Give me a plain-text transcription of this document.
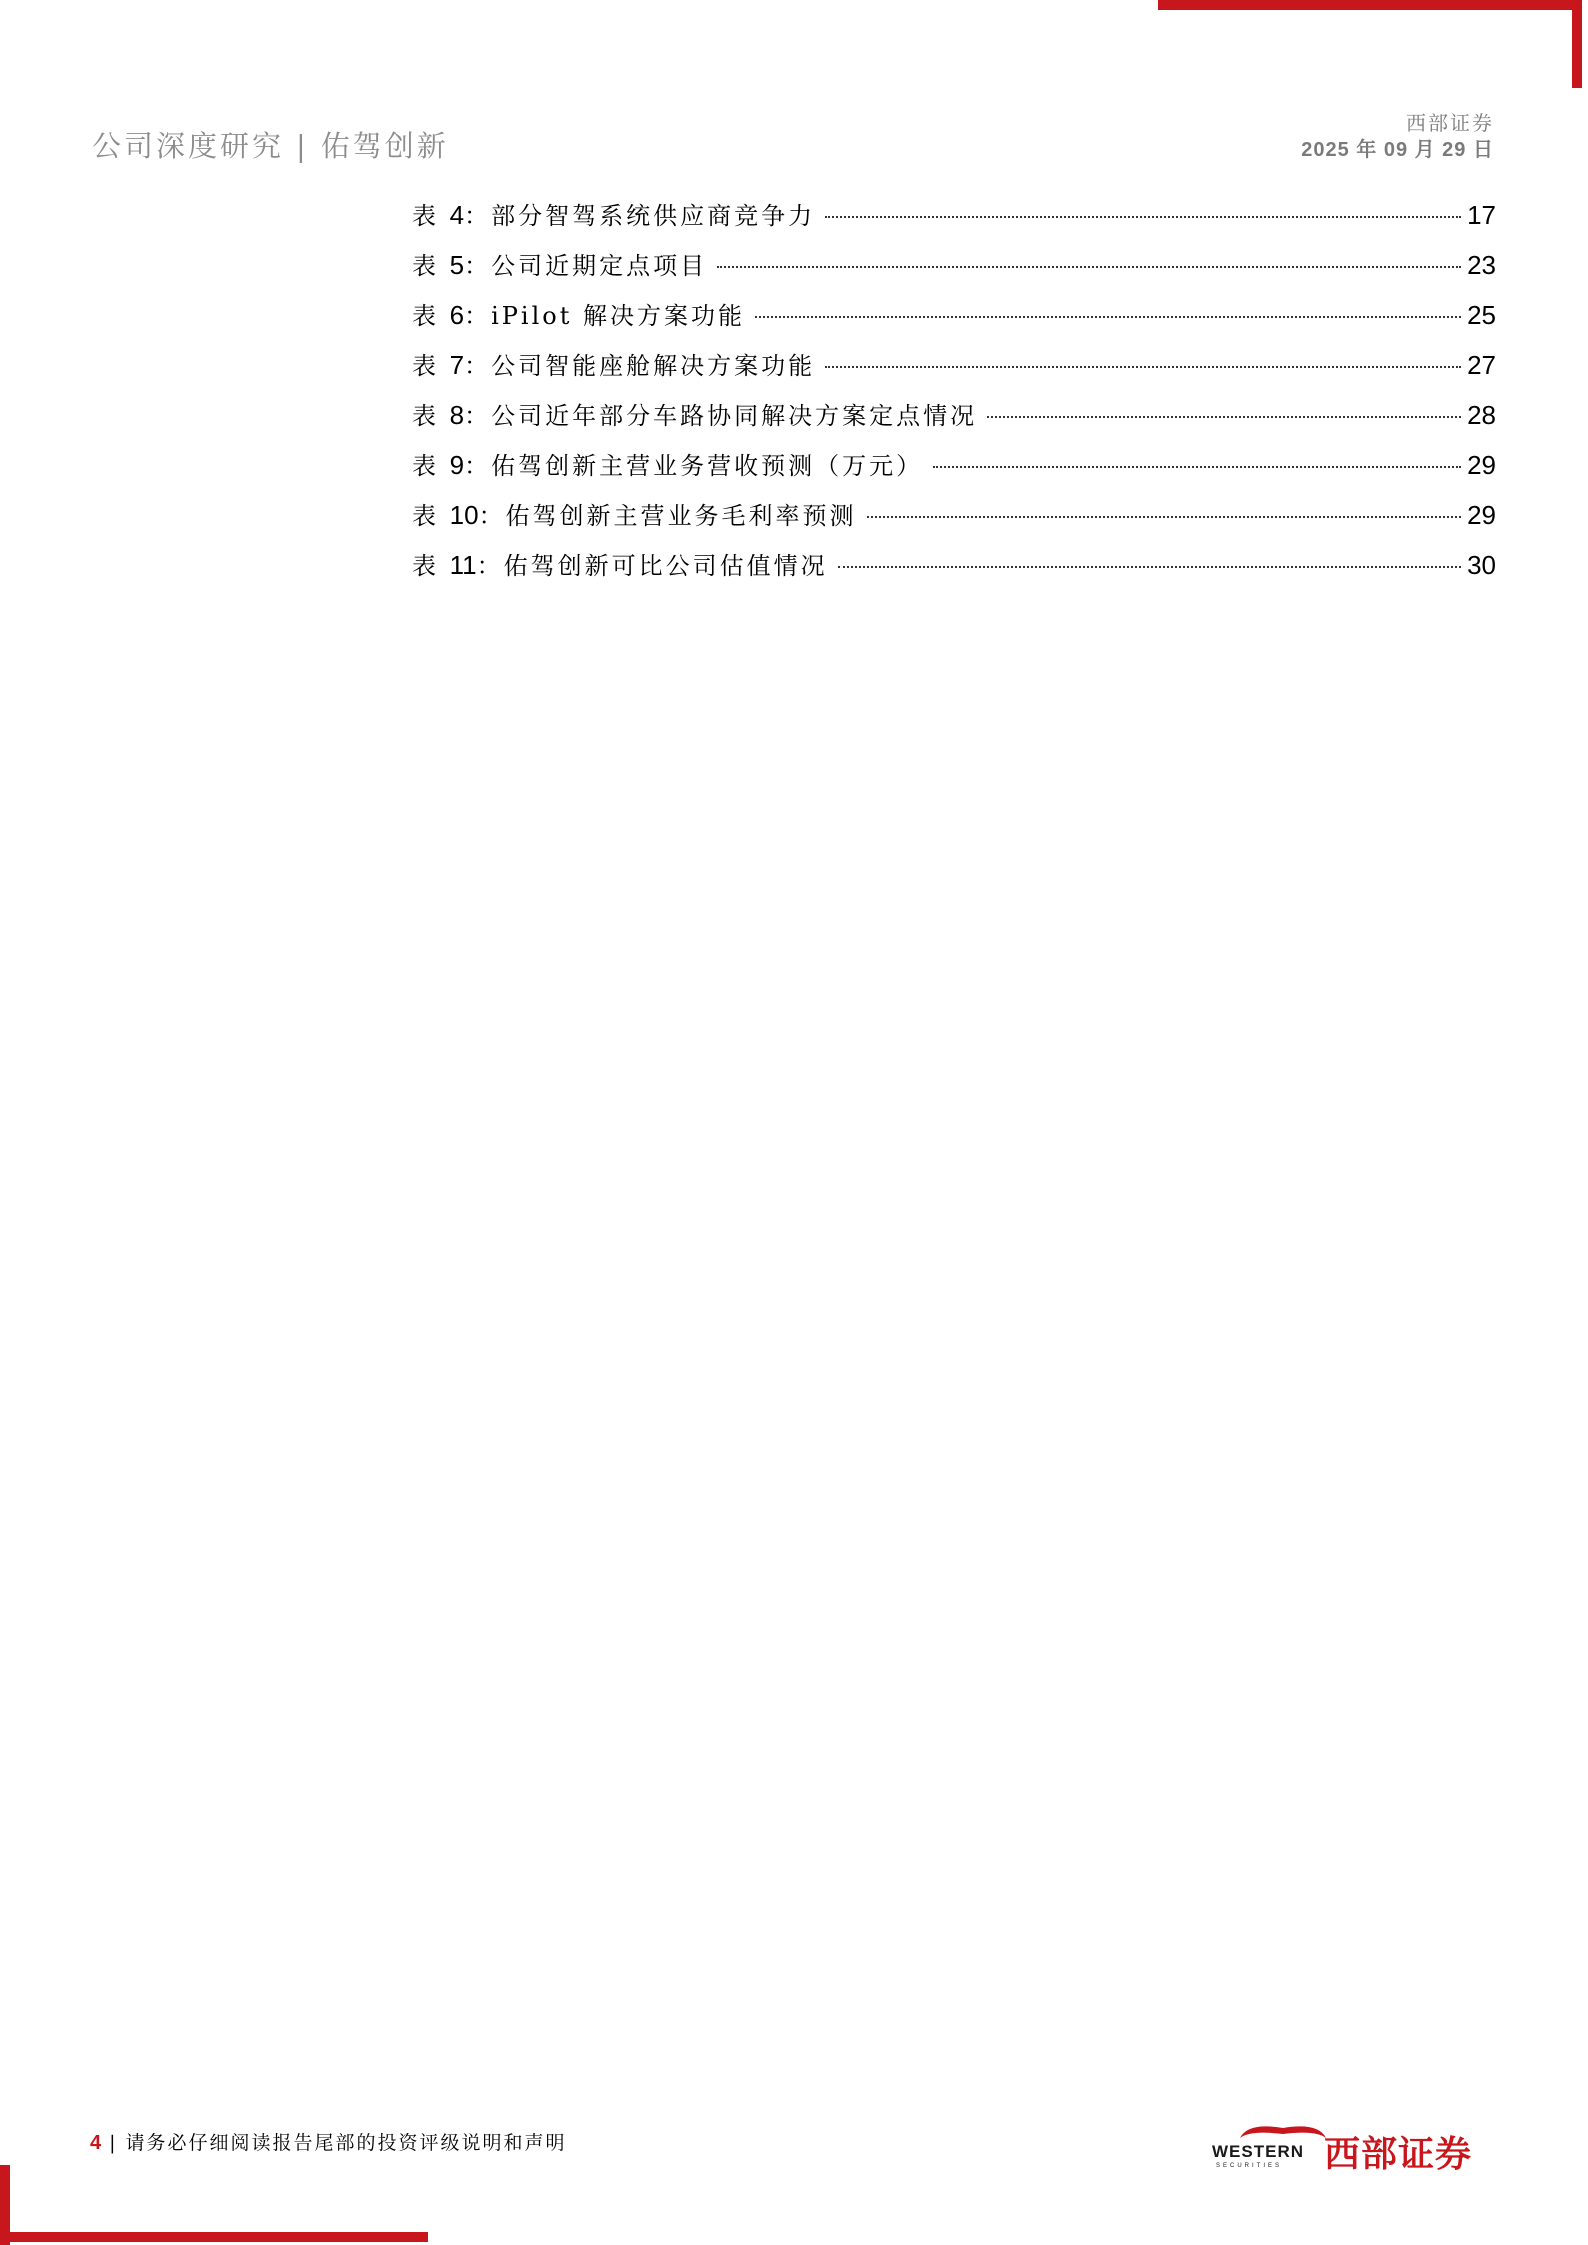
公司深度研究 | 佑驾创新
西部证券
2025 年 09 月 29 日
表 4：部分智驾系统供应商竞争力	17
表 5：公司近期定点项目	23
表 6：iPilot 解决方案功能	25
表 7：公司智能座舱解决方案功能	27
表 8：公司近年部分车路协同解决方案定点情况	28
表 9：佑驾创新主营业务营收预测（万元）	29
表 10：佑驾创新主营业务毛利率预测	29
表 11：佑驾创新可比公司估值情况	30
4 | 请务必仔细阅读报告尾部的投资评级说明和声明	WESTERN
SECURITIES 西部证券
